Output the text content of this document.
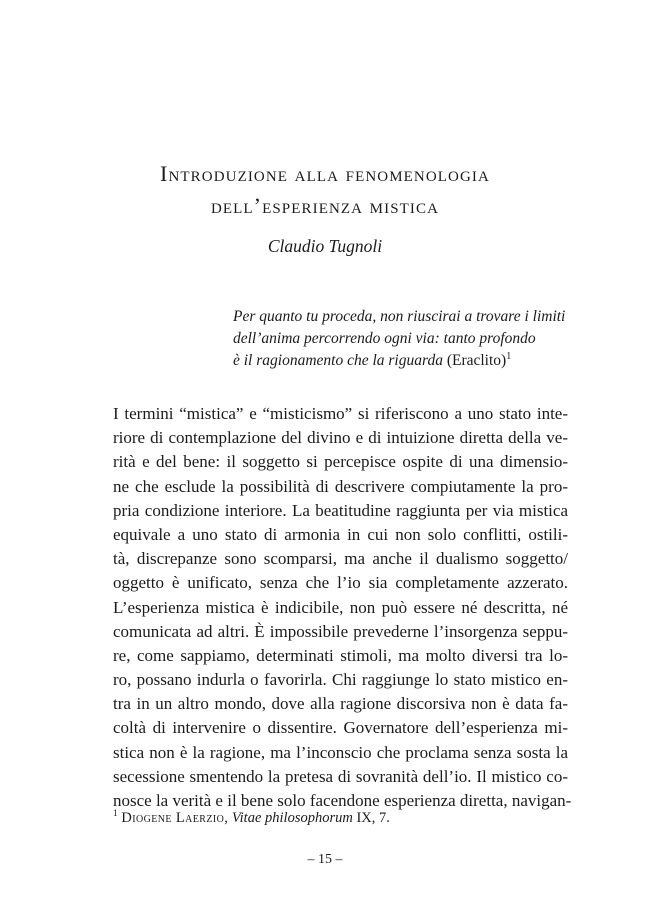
Introduzione alla fenomenologia
dell’esperienza mistica
Claudio Tugnoli
Per quanto tu proceda, non riuscirai a trovare i limiti
dell’anima percorrendo ogni via: tanto profondo
è il ragionamento che la riguarda (Eraclito)$^1$
I termini “mistica” e “misticismo” si riferiscono a uno stato inte-
riore di contemplazione del divino e di intuizione diretta della ve-
rità e del bene: il soggetto si percepisce ospite di una dimensio-
ne che esclude la possibilità di descrivere compiutamente la pro-
pria condizione interiore. La beatitudine raggiunta per via mistica
equivale a uno stato di armonia in cui non solo conflitti, ostili-
tà, discrepanze sono scomparsi, ma anche il dualismo soggetto/
oggetto è unificato, senza che l’io sia completamente azzerato.
L’esperienza mistica è indicibile, non può essere né descritta, né
comunicata ad altri. È impossibile prevederne l’insorgenza seppu-
re, come sappiamo, determinati stimoli, ma molto diversi tra lo-
ro, possano indurla o favorirla. Chi raggiunge lo stato mistico en-
tra in un altro mondo, dove alla ragione discorsiva non è data fa-
coltà di intervenire o dissentire. Governatore dell’esperienza mi-
stica non è la ragione, ma l’inconscio che proclama senza sosta la
secessione smentendo la pretesa di sovranità dell’io. Il mistico co-
nosce la verità e il bene solo facendone esperienza diretta, navigan-
$^1$ Diogene Laerzio, Vitae philosophorum IX, 7.
– 15 –
